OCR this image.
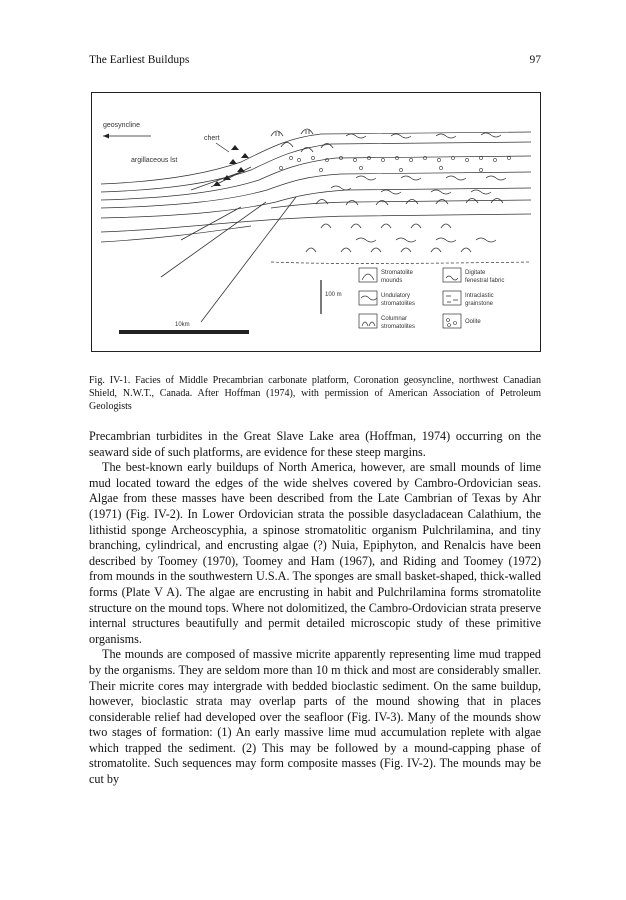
The Earliest Buildups	97
geosyncline
chert
argillaceous lst
100 m
10km
Stromatolite
mounds
Digitate
fenestral fabric
Undulatory
stromatolites
Intraclastic
grainstone
Columnar
stromatolites
Oolite
Fig. IV-1. Facies of Middle Precambrian carbonate platform, Coronation geosyncline, northwest Canadian Shield, N.W.T., Canada. After Hoffman (1974), with permission of American Association of Petroleum Geologists

Precambrian turbidites in the Great Slave Lake area (Hoffman, 1974) occurring on the seaward side of such platforms, are evidence for these steep margins.

The best-known early buildups of North America, however, are small mounds of lime mud located toward the edges of the wide shelves covered by Cambro-Ordovician seas. Algae from these masses have been described from the Late Cambrian of Texas by Ahr (1971) (Fig. IV-2). In Lower Ordovician strata the possible dasycladacean Calathium, the lithistid sponge Archeoscyphia, a spinose stromatolitic organism Pulchrilamina, and tiny branching, cylindrical, and encrusting algae (?) Nuia, Epiphyton, and Renalcis have been described by Toomey (1970), Toomey and Ham (1967), and Riding and Toomey (1972) from mounds in the southwestern U.S.A. The sponges are small basket-shaped, thick-walled forms (Plate V A). The algae are encrusting in habit and Pulchrilamina forms stromatolite structure on the mound tops. Where not dolomitized, the Cambro-Ordovician strata preserve internal structures beautifully and permit detailed microscopic study of these primitive organisms.

The mounds are composed of massive micrite apparently representing lime mud trapped by the organisms. They are seldom more than 10 m thick and most are considerably smaller. Their micrite cores may intergrade with bedded bioclastic sediment. On the same buildup, however, bioclastic strata may overlap parts of the mound showing that in places considerable relief had developed over the seafloor (Fig. IV-3). Many of the mounds show two stages of formation: (1) An early massive lime mud accumulation replete with algae which trapped the sediment. (2) This may be followed by a mound-capping phase of stromatolite. Such sequences may form composite masses (Fig. IV-2). The mounds may be cut by
